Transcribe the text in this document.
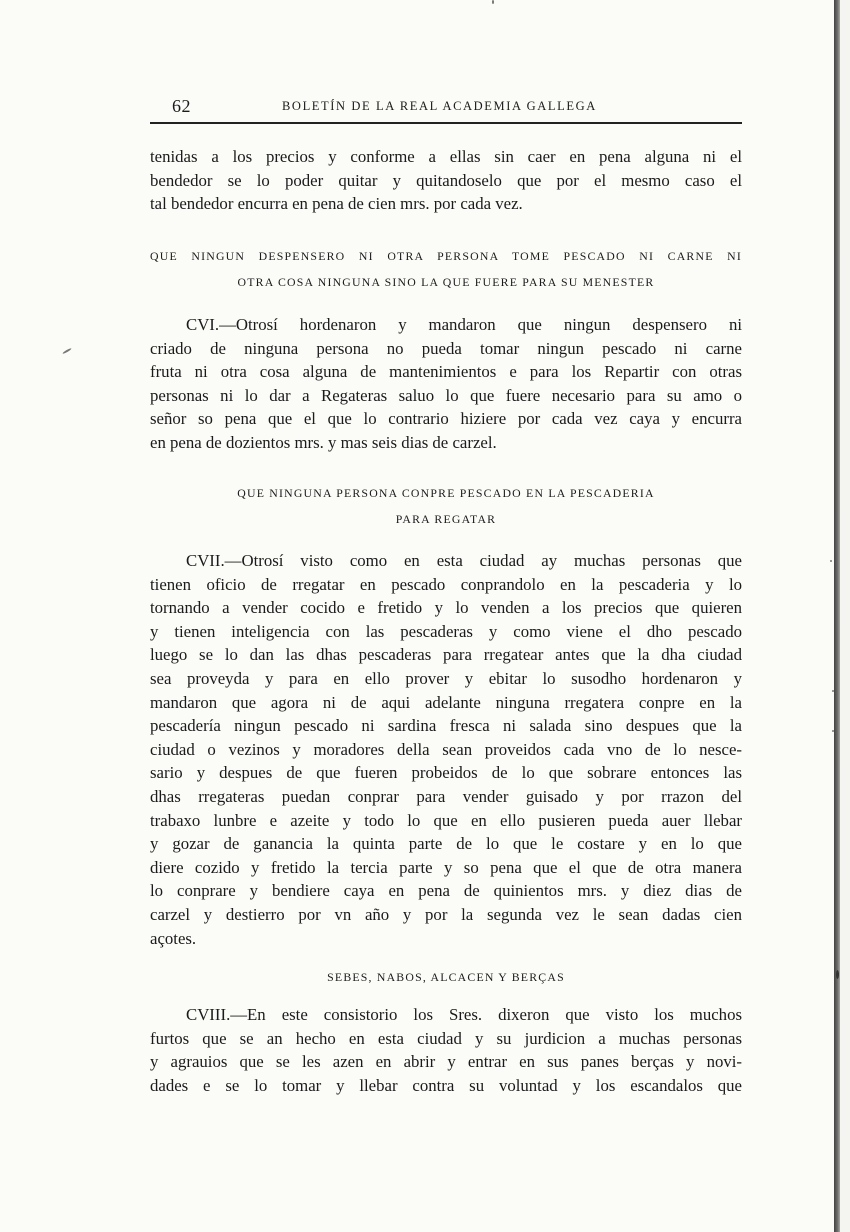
62	BOLETÍN DE LA REAL ACADEMIA GALLEGA
tenidas a los precios y conforme a ellas sin caer en pena alguna ni el
bendedor se lo poder quitar y quitandoselo que por el mesmo caso el
tal bendedor encurra en pena de cien mrs. por cada vez.
QUE NINGUN DESPENSERO NI OTRA PERSONA TOME PESCADO NI CARNE NI
OTRA COSA NINGUNA SINO LA QUE FUERE PARA SU MENESTER
CVI.—Otrosí hordenaron y mandaron que ningun despensero ni
criado de ninguna persona no pueda tomar ningun pescado ni carne
fruta ni otra cosa alguna de mantenimientos e para los Repartir con otras
personas ni lo dar a Regateras saluo lo que fuere necesario para su amo o
señor so pena que el que lo contrario hiziere por cada vez caya y encurra
en pena de dozientos mrs. y mas seis dias de carzel.
QUE NINGUNA PERSONA CONPRE PESCADO EN LA PESCADERIA
PARA REGATAR
CVII.—Otrosí visto como en esta ciudad ay muchas personas que
tienen oficio de rregatar en pescado conprandolo en la pescaderia y lo
tornando a vender cocido e fretido y lo venden a los precios que quieren
y tienen inteligencia con las pescaderas y como viene el dho pescado
luego se lo dan las dhas pescaderas para rregatear antes que la dha ciudad
sea proveyda y para en ello prover y ebitar lo susodho hordenaron y
mandaron que agora ni de aqui adelante ninguna rregatera conpre en la
pescadería ningun pescado ni sardina fresca ni salada sino despues que la
ciudad o vezinos y moradores della sean proveidos cada vno de lo nesce-
sario y despues de que fueren probeidos de lo que sobrare entonces las
dhas rregateras puedan conprar para vender guisado y por rrazon del
trabaxo lunbre e azeite y todo lo que en ello pusieren pueda auer llebar
y gozar de ganancia la quinta parte de lo que le costare y en lo que
diere cozido y fretido la tercia parte y so pena que el que de otra manera
lo conprare y bendiere caya en pena de quinientos mrs. y diez dias de
carzel y destierro por vn año y por la segunda vez le sean dadas cien
açotes.
SEBES, NABOS, ALCACEN Y BERÇAS
CVIII.—En este consistorio los Sres. dixeron que visto los muchos
furtos que se an hecho en esta ciudad y su jurdicion a muchas personas
y agrauios que se les azen en abrir y entrar en sus panes berças y novi-
dades e se lo tomar y llebar contra su voluntad y los escandalos que
